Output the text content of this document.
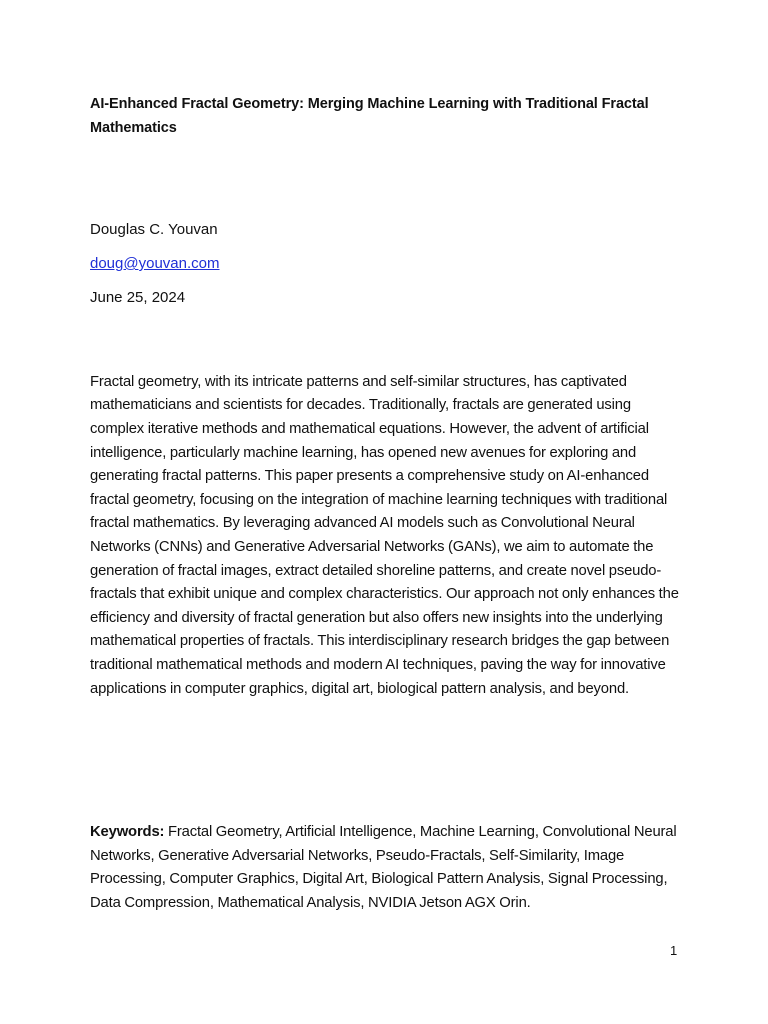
AI-Enhanced Fractal Geometry: Merging Machine Learning with Traditional Fractal Mathematics
Douglas C. Youvan
doug@youvan.com
June 25, 2024

Fractal geometry, with its intricate patterns and self-similar structures, has captivated mathematicians and scientists for decades. Traditionally, fractals are generated using complex iterative methods and mathematical equations. However, the advent of artificial intelligence, particularly machine learning, has opened new avenues for exploring and generating fractal patterns. This paper presents a comprehensive study on AI-enhanced fractal geometry, focusing on the integration of machine learning techniques with traditional fractal mathematics. By leveraging advanced AI models such as Convolutional Neural Networks (CNNs) and Generative Adversarial Networks (GANs), we aim to automate the generation of fractal images, extract detailed shoreline patterns, and create novel pseudo-fractals that exhibit unique and complex characteristics. Our approach not only enhances the efficiency and diversity of fractal generation but also offers new insights into the underlying mathematical properties of fractals. This interdisciplinary research bridges the gap between traditional mathematical methods and modern AI techniques, paving the way for innovative applications in computer graphics, digital art, biological pattern analysis, and beyond.

Keywords: Fractal Geometry, Artificial Intelligence, Machine Learning, Convolutional Neural Networks, Generative Adversarial Networks, Pseudo-Fractals, Self-Similarity, Image Processing, Computer Graphics, Digital Art, Biological Pattern Analysis, Signal Processing, Data Compression, Mathematical Analysis, NVIDIA Jetson AGX Orin.

1
